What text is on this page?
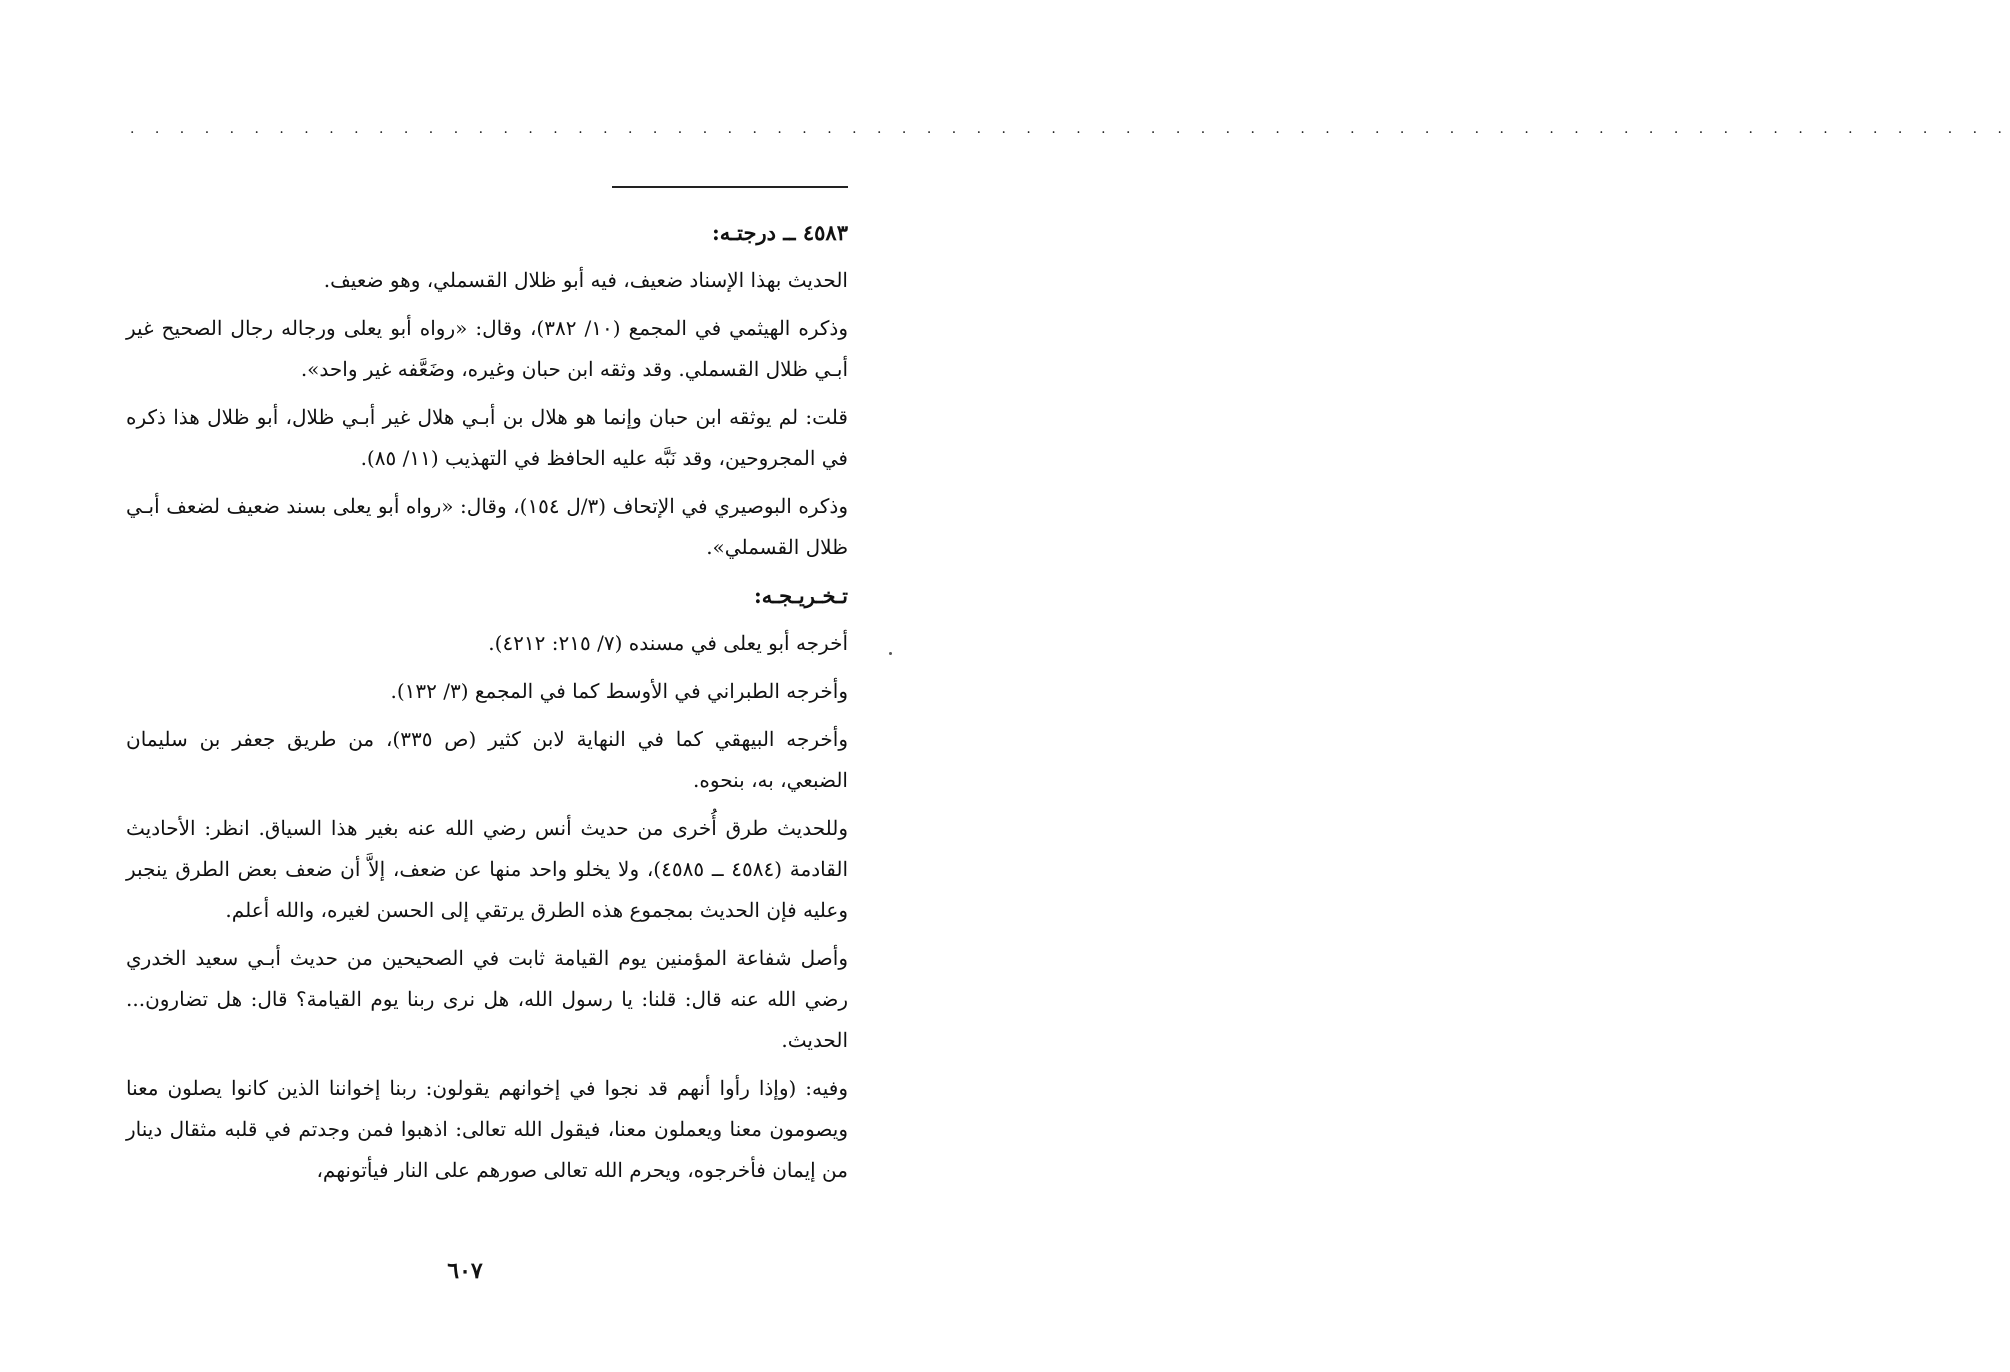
· · · · · · · · · · · · · · · · · · · · · · · · · · · · · · · · · · · · · · · · · · · · · · · · · · · · · · · · · · · · · · · · · · · · · · · · · · · ·

٤٥٨٣ ــ درجتـه:

الحديث بهذا الإسناد ضعيف، فيه أبو ظلال القسملي، وهو ضعيف.

وذكره الهيثمي في المجمع (١٠/ ٣٨٢)، وقال: «رواه أبو يعلى ورجاله رجال الصحيح غير أبـي ظلال القسملي. وقد وثقه ابن حبان وغيره، وضَعَّفه غير واحد».

قلت: لم يوثقه ابن حبان وإنما هو هلال بن أبـي هلال غير أبـي ظلال، أبو ظلال هذا ذكره في المجروحين، وقد نَبَّه عليه الحافظ في التهذيب (١١/ ٨٥).

وذكره البوصيري في الإتحاف (٣/ل ١٥٤)، وقال: «رواه أبو يعلى بسند ضعيف لضعف أبـي ظلال القسملي».

تـخـريـجـه:

أخرجه أبو يعلى في مسنده (٧/ ٢١٥: ٤٢١٢).

وأخرجه الطبراني في الأوسط كما في المجمع (٣/ ١٣٢).

وأخرجه البيهقي كما في النهاية لابن كثير (ص ٣٣٥)، من طريق جعفر بن سليمان الضبعي، به، بنحوه.

وللحديث طرق أُخرى من حديث أنس رضي الله عنه بغير هذا السياق. انظر: الأحاديث القادمة (٤٥٨٤ ــ ٤٥٨٥)، ولا يخلو واحد منها عن ضعف، إلاَّ أن ضعف بعض الطرق ينجبر وعليه فإن الحديث بمجموع هذه الطرق يرتقي إلى الحسن لغيره، والله أعلم.

وأصل شفاعة المؤمنين يوم القيامة ثابت في الصحيحين من حديث أبـي سعيد الخدري رضي الله عنه قال: قلنا: يا رسول الله، هل نرى ربنا يوم القيامة؟ قال: هل تضارون... الحديث.

وفيه: (وإذا رأوا أنهم قد نجوا في إخوانهم يقولون: ربنا إخواننا الذين كانوا يصلون معنا ويصومون معنا ويعملون معنا، فيقول الله تعالى: اذهبوا فمن وجدتم في قلبه مثقال دينار من إيمان فأخرجوه، ويحرم الله تعالى صورهم على النار فيأتونهم،

٦٠٧
